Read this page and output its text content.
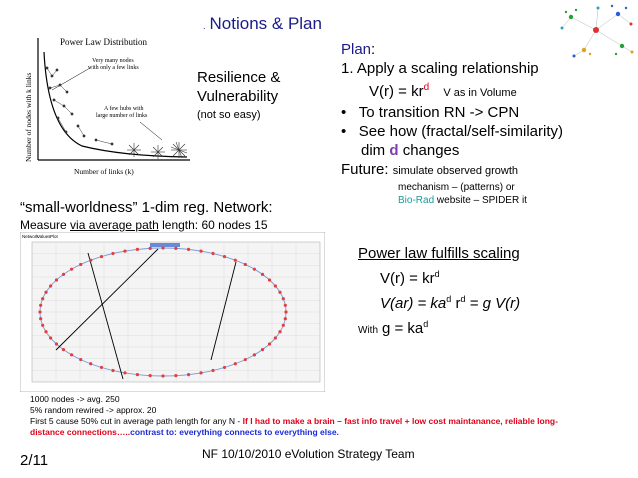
. Notions & Plan
Power Law Distribution
Number of nodes with k links
Number of links (k)
Very many nodes with only a few links
A few hubs with large number of links
Resilience &
Vulnerability
(not so easy)
Plan:
1. Apply a scaling relationship
$V(r) = kr^d$ V as in Volume
•   To transition RN -> CPN
•   See how (fractal/self-similarity)
dim d changes
Future: simulate observed growth
mechanism – (patterns) or
Bio-Rad website – SPIDER it
“small-worldness” 1-dim reg. Network:
Measure via average path length: 60 nodes 15
Network
Values Plot
Power law fulfills scaling
$V(r) = kr^d$
$V(ar) = ka^d$ $r^d = g$ V(r)
With $g = ka^d$
1000 nodes -> avg. 250
5% random rewired -> approx. 20
First 5 cause 50% cut in average path length for any N - If I had to make a brain – fast info travel + low cost maintanance, reliable long-
distance connections…..contrast to: everything connects to everything else.
2/11	NF 10/10/2010 eVolution Strategy Team
